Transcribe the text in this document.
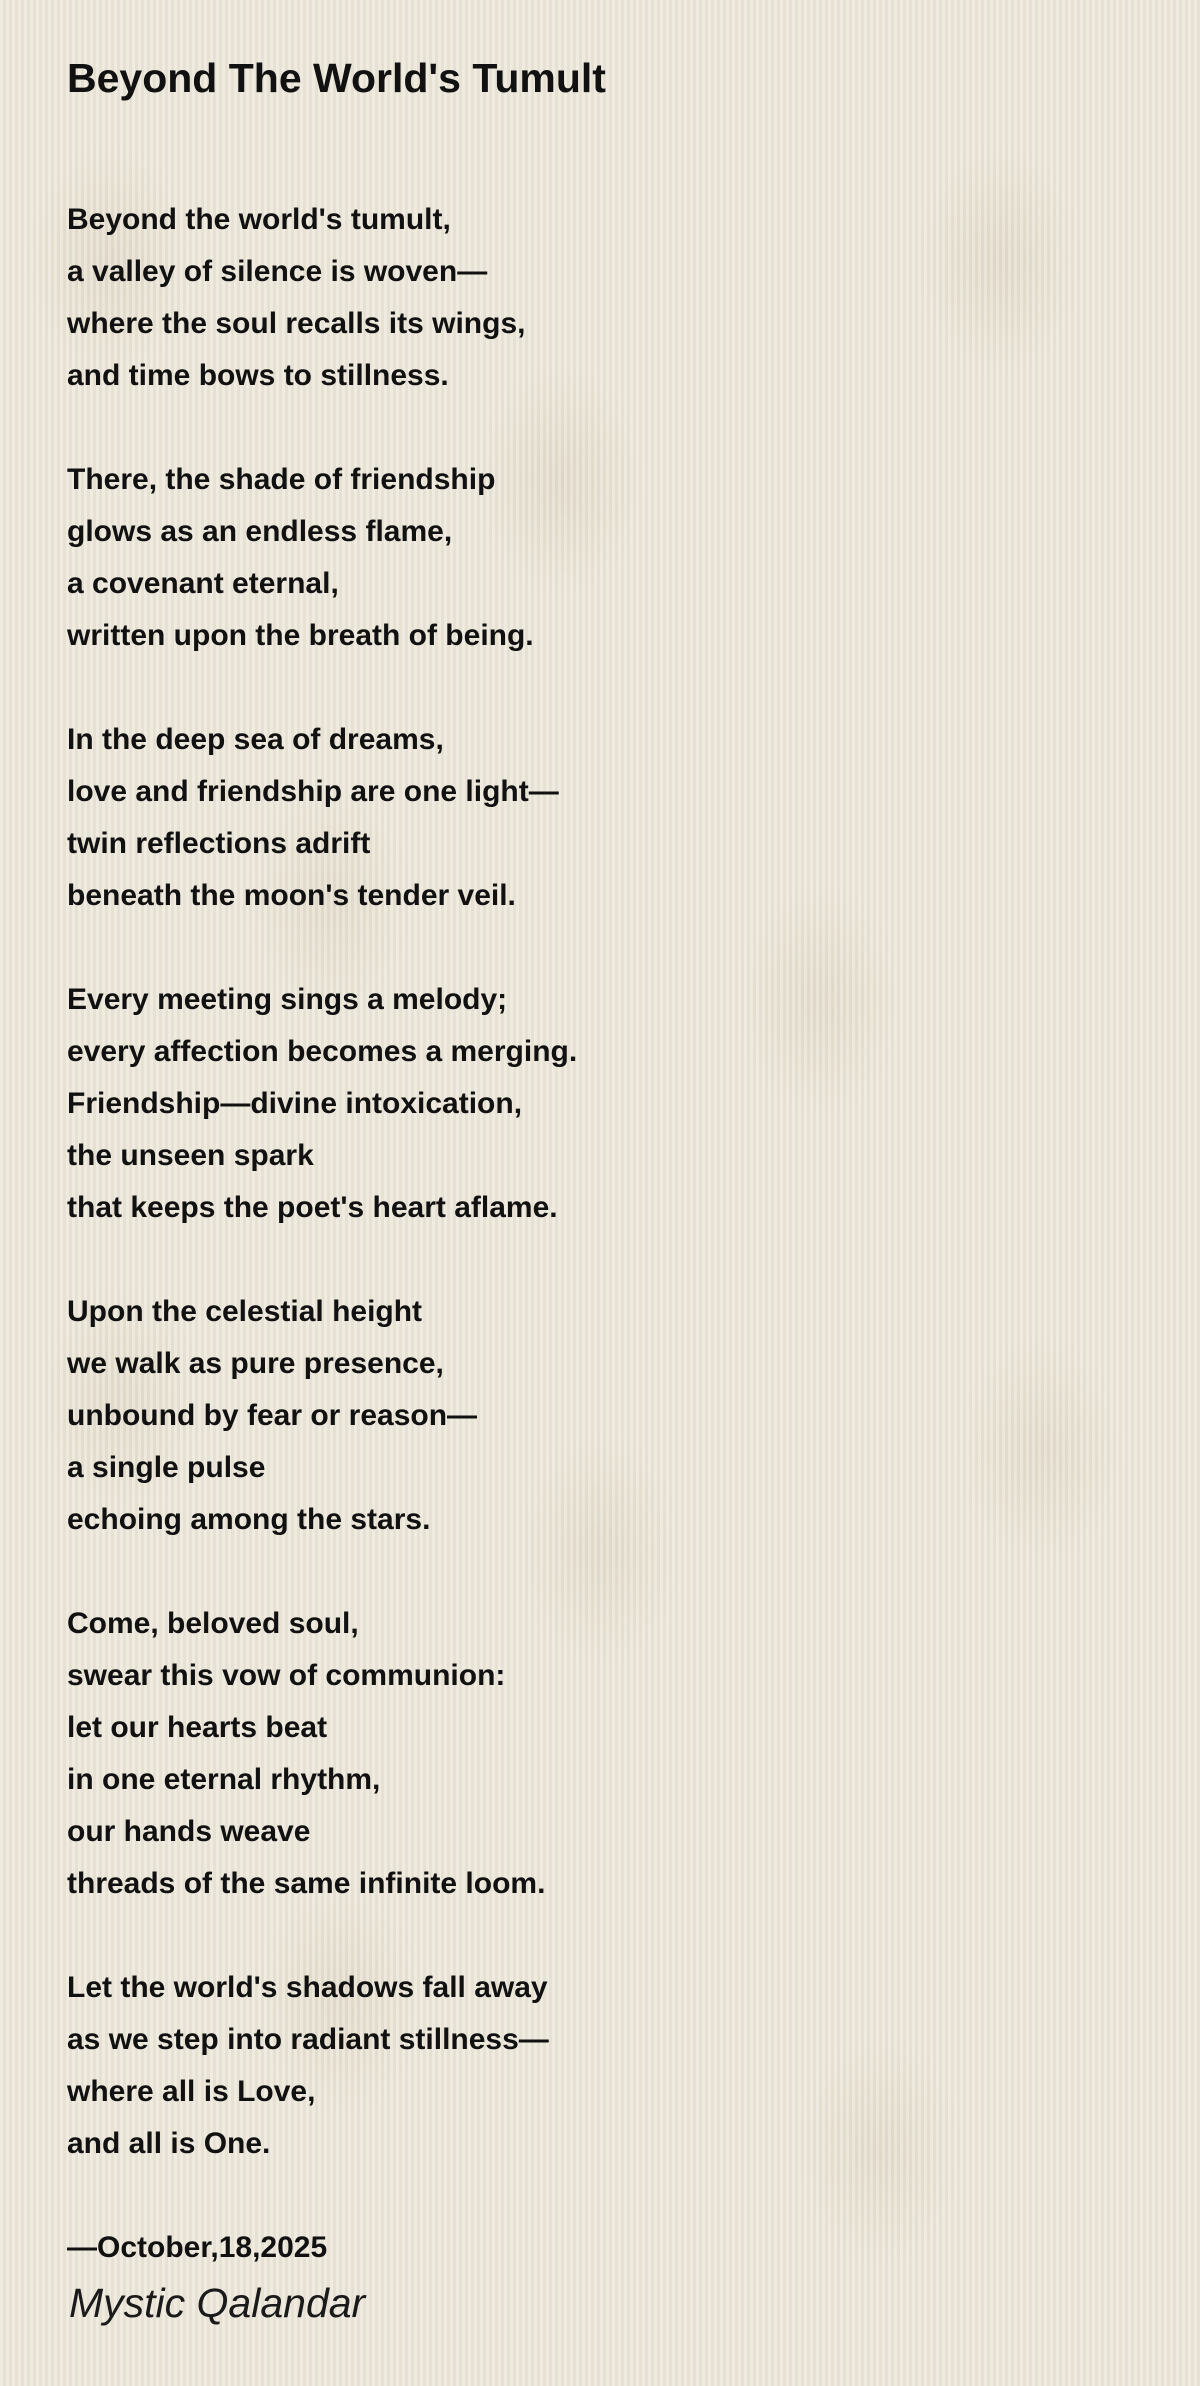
Beyond The World's Tumult
Beyond the world's tumult,
a valley of silence is woven—
where the soul recalls its wings,
and time bows to stillness.
There, the shade of friendship
glows as an endless flame,
a covenant eternal,
written upon the breath of being.
In the deep sea of dreams,
love and friendship are one light—
twin reflections adrift
beneath the moon's tender veil.
Every meeting sings a melody;
every affection becomes a merging.
Friendship—divine intoxication,
the unseen spark
that keeps the poet's heart aflame.
Upon the celestial height
we walk as pure presence,
unbound by fear or reason—
a single pulse
echoing among the stars.
Come, beloved soul,
swear this vow of communion:
let our hearts beat
in one eternal rhythm,
our hands weave
threads of the same infinite loom.
Let the world's shadows fall away
as we step into radiant stillness—
where all is Love,
and all is One.
—October,18,2025
Mystic Qalandar
